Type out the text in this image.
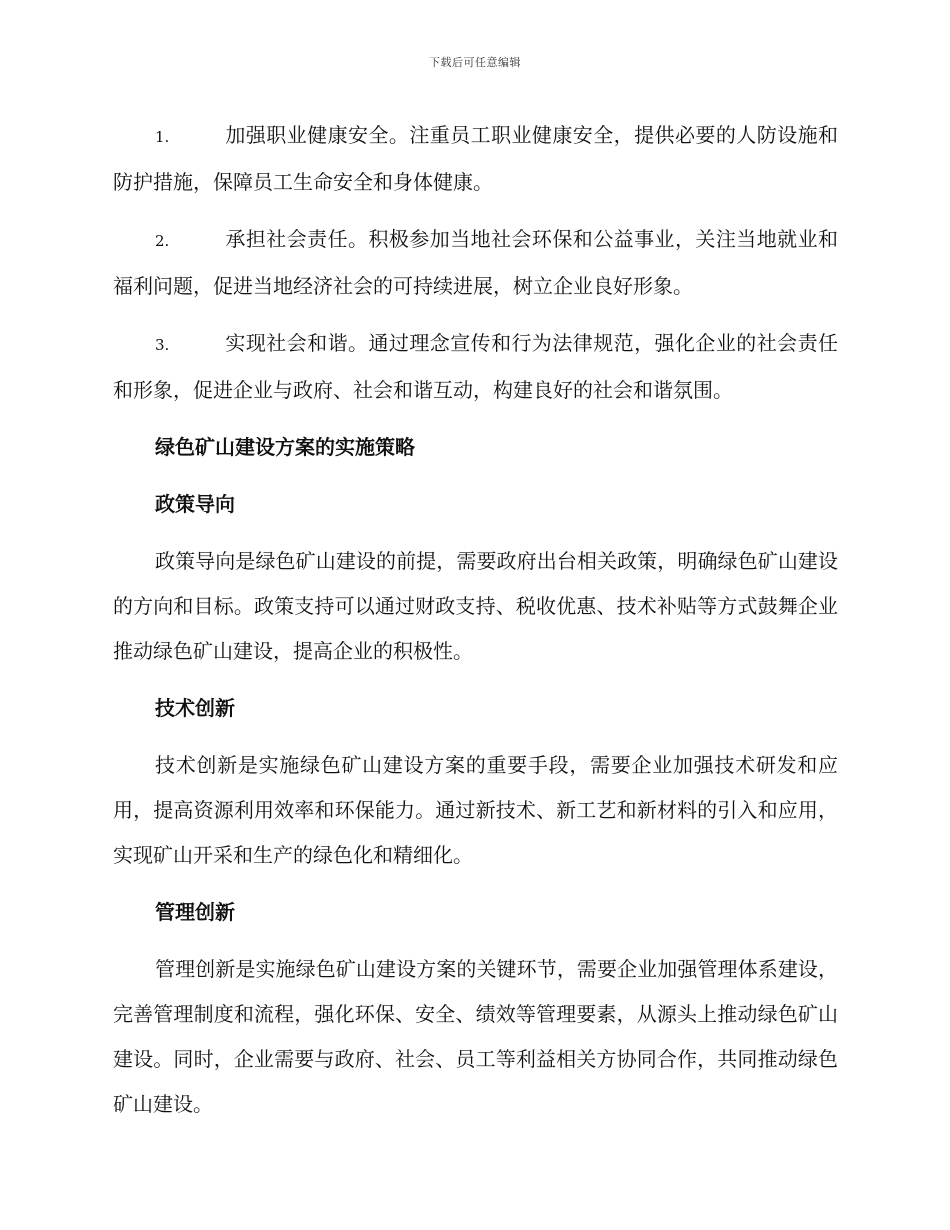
下载后可任意编辑

1.	加强职业健康安全。注重员工职业健康安全，提供必要的人防设施和防护措施，保障员工生命安全和身体健康。

2.	承担社会责任。积极参加当地社会环保和公益事业，关注当地就业和福利问题，促进当地经济社会的可持续进展，树立企业良好形象。

3.	实现社会和谐。通过理念宣传和行为法律规范，强化企业的社会责任和形象，促进企业与政府、社会和谐互动，构建良好的社会和谐氛围。

绿色矿山建设方案的实施策略
政策导向

政策导向是绿色矿山建设的前提，需要政府出台相关政策，明确绿色矿山建设的方向和目标。政策支持可以通过财政支持、税收优惠、技术补贴等方式鼓舞企业推动绿色矿山建设，提高企业的积极性。

技术创新

技术创新是实施绿色矿山建设方案的重要手段，需要企业加强技术研发和应用，提高资源利用效率和环保能力。通过新技术、新工艺和新材料的引入和应用，实现矿山开采和生产的绿色化和精细化。

管理创新

管理创新是实施绿色矿山建设方案的关键环节，需要企业加强管理体系建设，完善管理制度和流程，强化环保、安全、绩效等管理要素，从源头上推动绿色矿山建设。同时，企业需要与政府、社会、员工等利益相关方协同合作，共同推动绿色矿山建设。
